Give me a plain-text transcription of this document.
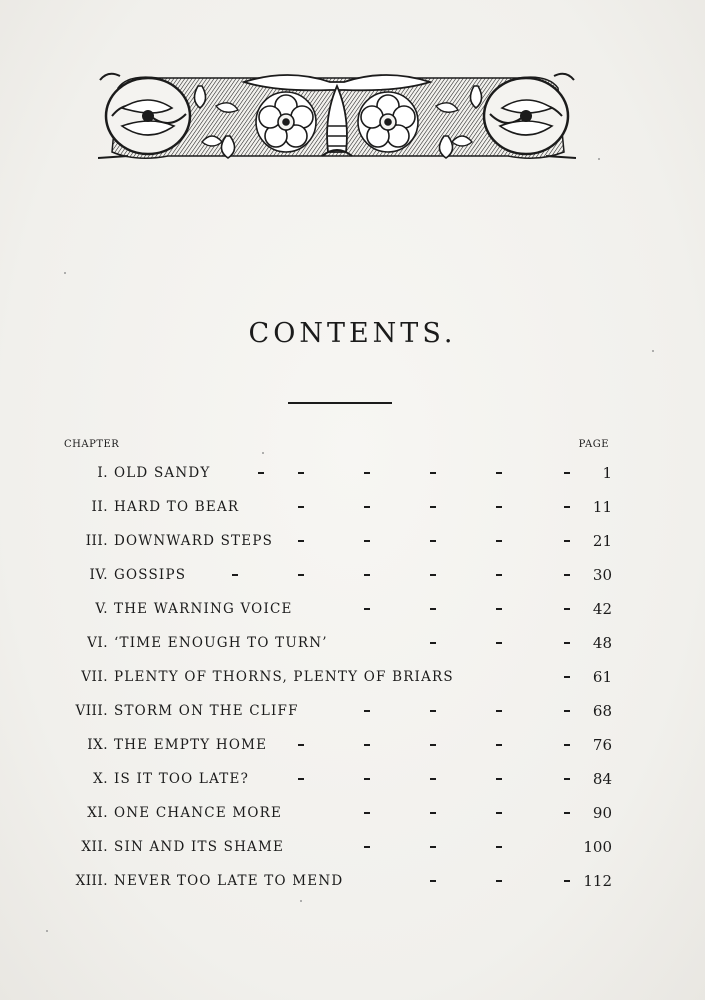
CONTENTS.
CHAPTER	PAGE
I. OLD SANDY	1
II. HARD TO BEAR	11
III. DOWNWARD STEPS	21
IV. GOSSIPS	30
V. THE WARNING VOICE	42
VI. ‘TIME ENOUGH TO TURN’	48
VII. PLENTY OF THORNS, PLENTY OF BRIARS	61
VIII. STORM ON THE CLIFF	68
IX. THE EMPTY HOME	76
X. IS IT TOO LATE?	84
XI. ONE CHANCE MORE	90
XII. SIN AND ITS SHAME	100
XIII. NEVER TOO LATE TO MEND	112
